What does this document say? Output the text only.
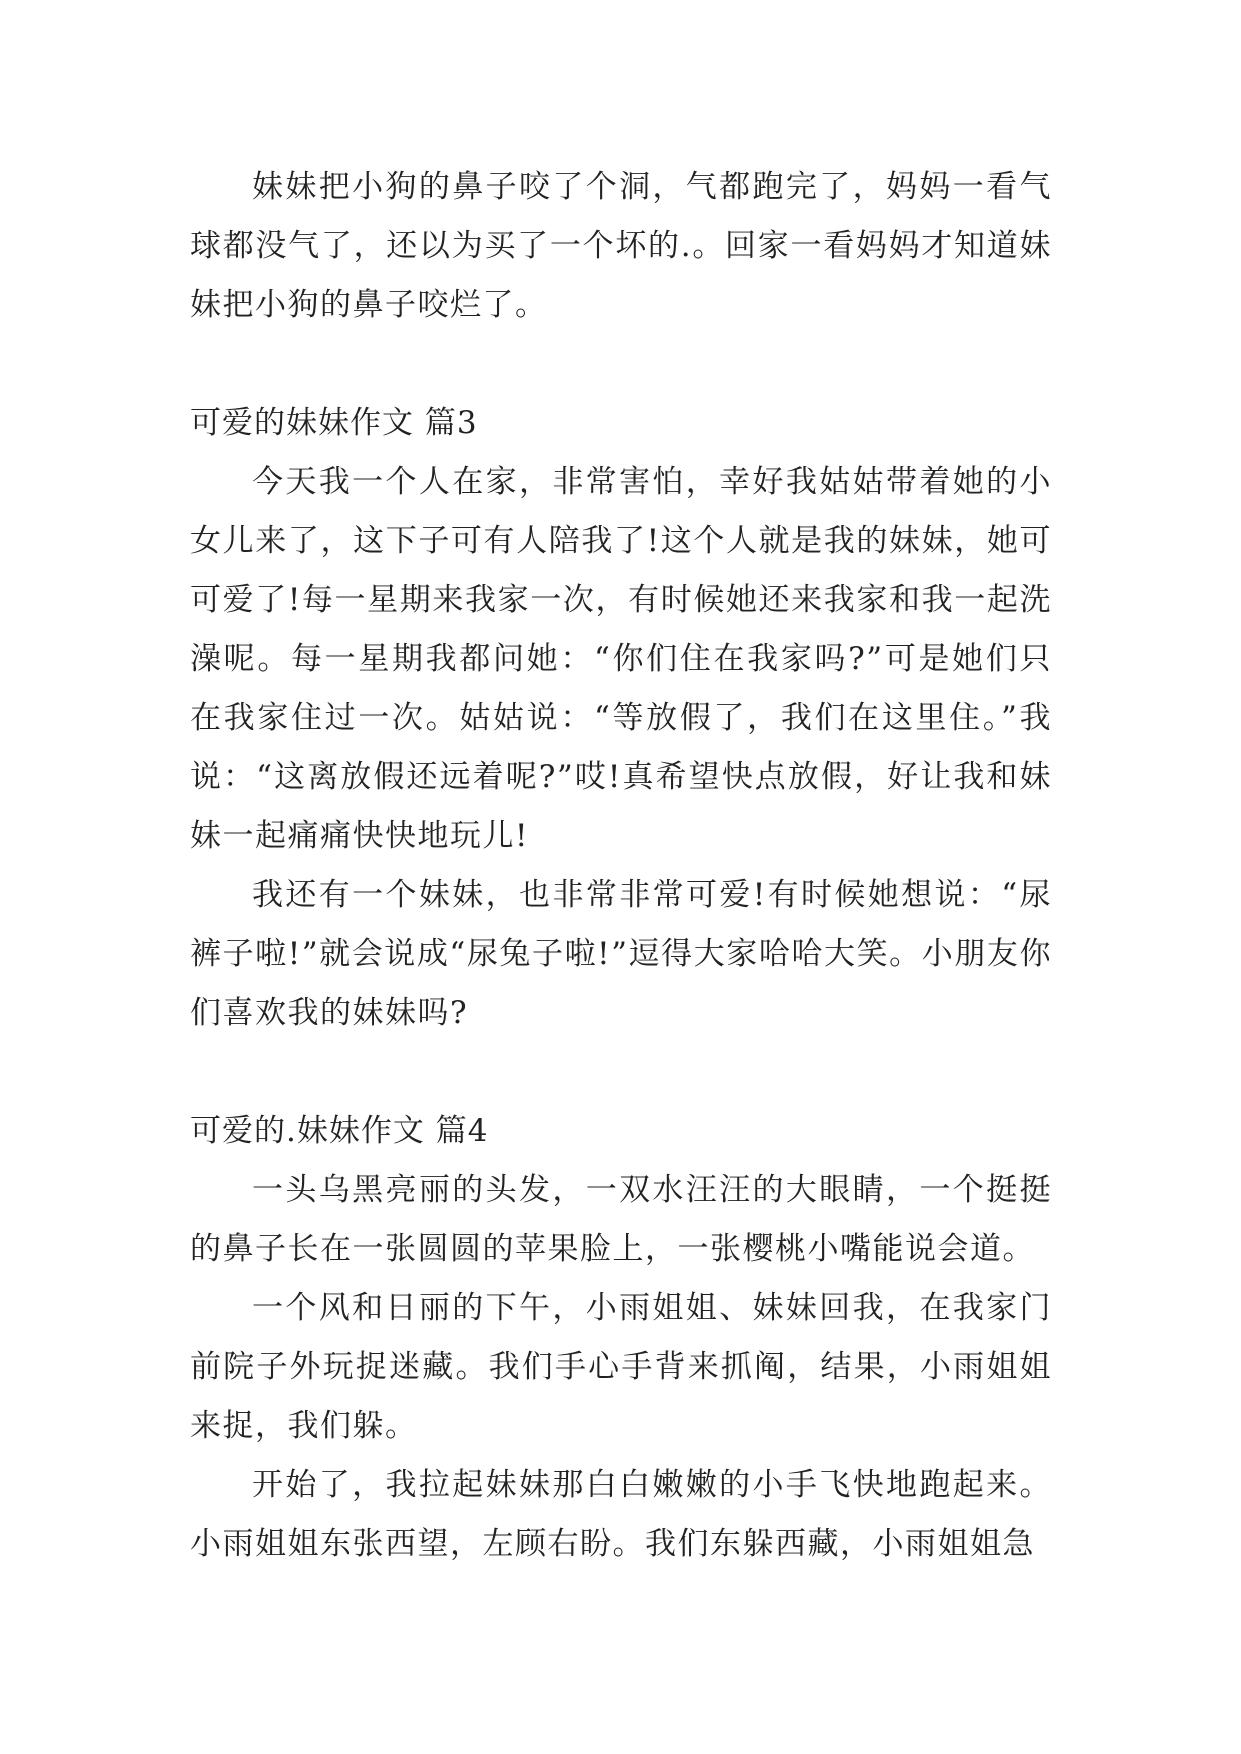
妹妹把小狗的鼻子咬了个洞，气都跑完了，妈妈一看气球都没气了，还以为买了一个坏的.。回家一看妈妈才知道妹妹把小狗的鼻子咬烂了。

可爱的妹妹作文 篇3

今天我一个人在家，非常害怕，幸好我姑姑带着她的小女儿来了，这下子可有人陪我了!这个人就是我的妹妹，她可可爱了!每一星期来我家一次，有时候她还来我家和我一起洗澡呢。每一星期我都问她：“你们住在我家吗?”可是她们只在我家住过一次。姑姑说：“等放假了，我们在这里住。”我说：“这离放假还远着呢?”哎!真希望快点放假，好让我和妹妹一起痛痛快快地玩儿!

我还有一个妹妹，也非常非常可爱!有时候她想说：“尿裤子啦!”就会说成“尿兔子啦!”逗得大家哈哈大笑。小朋友你们喜欢我的妹妹吗?

可爱的.妹妹作文 篇4

一头乌黑亮丽的头发，一双水汪汪的大眼睛，一个挺挺的鼻子长在一张圆圆的苹果脸上，一张樱桃小嘴能说会道。

一个风和日丽的下午，小雨姐姐、妹妹回我，在我家门前院子外玩捉迷藏。我们手心手背来抓阄，结果，小雨姐姐来捉，我们躲。

开始了，我拉起妹妹那白白嫩嫩的小手飞快地跑起来。小雨姐姐东张西望，左顾右盼。我们东躲西藏，小雨姐姐急
